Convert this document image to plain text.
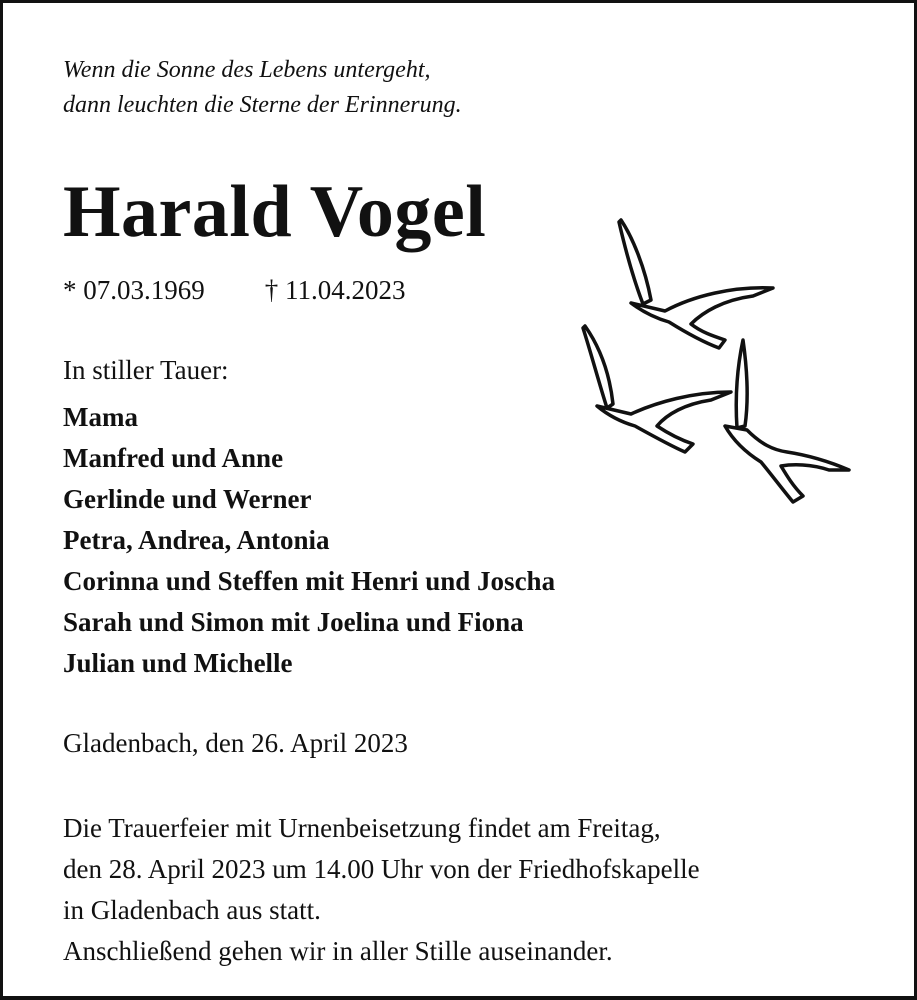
Wenn die Sonne des Lebens untergeht,
dann leuchten die Sterne der Erinnerung.
Harald Vogel
* 07.03.1969 † 11.04.2023
In stiller Tauer:
Mama
Manfred und Anne
Gerlinde und Werner
Petra, Andrea, Antonia
Corinna und Steffen mit Henri und Joscha
Sarah und Simon mit Joelina und Fiona
Julian und Michelle
Gladenbach, den 26. April 2023
Die Trauerfeier mit Urnenbeisetzung findet am Freitag,
den 28. April 2023 um 14.00 Uhr von der Friedhofskapelle
in Gladenbach aus statt.
Anschließend gehen wir in aller Stille auseinander.
